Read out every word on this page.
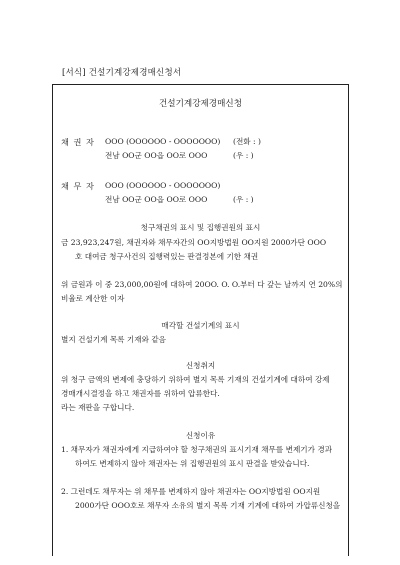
[서식] 건설기계강제경매신청서
건설기계강제경매신청
채 권 자 OOO (OOOOOO - OOOOOOO) (전화 : )
전남 OO군 OO읍 OO로 OOO	(우 : )
채 무 자 OOO (OOOOOO - OOOOOOO)
전남 OO군 OO읍 OO로 OOO	(우 : )
청구채권의 표시 및 집행권원의 표시
금 23,923,247원, 채권자와 채무자간의 OO지방법원 OO지원 2000가단 OOO
호 대여금 청구사건의 집행력있는 판결정본에 기한 채권
위 금원과 이 중 23,000,00원에 대하여 20OO. O. O.부터 다 갚는 날까지 연 20%의
비율로 계산한 이자
매각할 건설기계의 표시
별지 건설기계 목록 기재와 같음
신청취지
위 청구 금액의 변제에 충당하기 위하여 별지 목록 기재의 건설기계에 대하여 강제
경매개시결정을 하고 채권자를 위하여 압류한다.
라는 재판을 구합니다.
신청이유
1. 채무자가 채권자에게 지급하여야 할 청구채권의 표시기재 채무를 변제기가 경과
하여도 변제하지 않아 채권자는 위 집행권원의 표시 판결을 받았습니다.
2. 그런데도 채무자는 위 채무를 변제하지 않아 채권자는 OO지방법원 OO지원
2000가단 OOO호로 채무자 소유의 별지 목록 기재 기계에 대하여 가압류신청을
